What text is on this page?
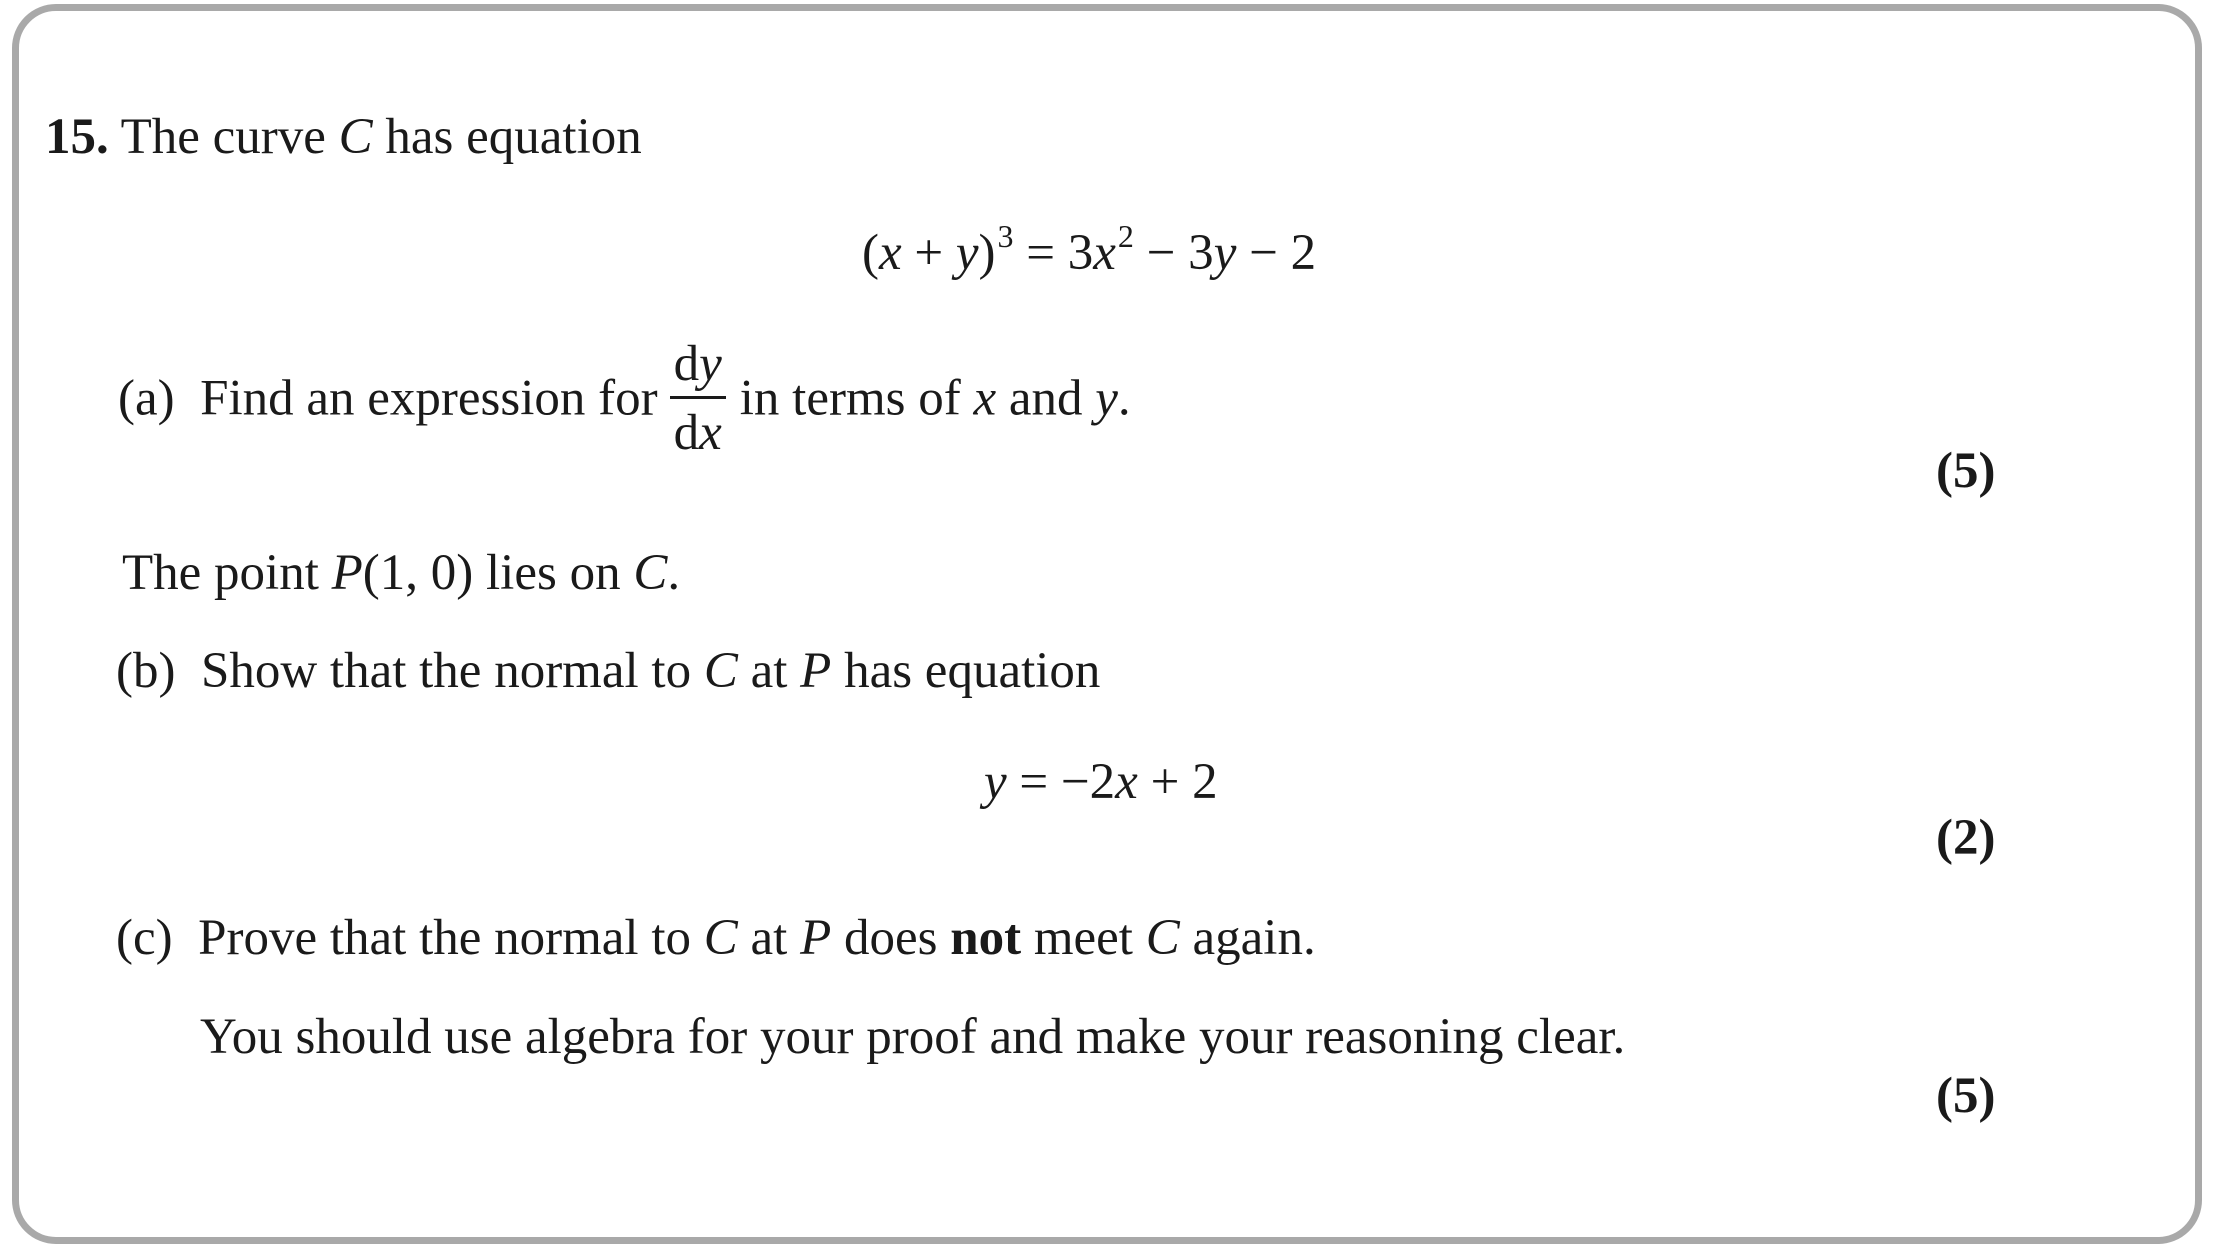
15. The curve C has equation
$(x + y)^3 = 3x^2 - 3y - 2$
(a) Find an expression for $\frac{dy}{dx}$ in terms of x and y.
(5)
The point P(1, 0) lies on C.
(b) Show that the normal to C at P has equation
y = −2x + 2
(2)
(c) Prove that the normal to C at P does not meet C again.
You should use algebra for your proof and make your reasoning clear.
(5)
